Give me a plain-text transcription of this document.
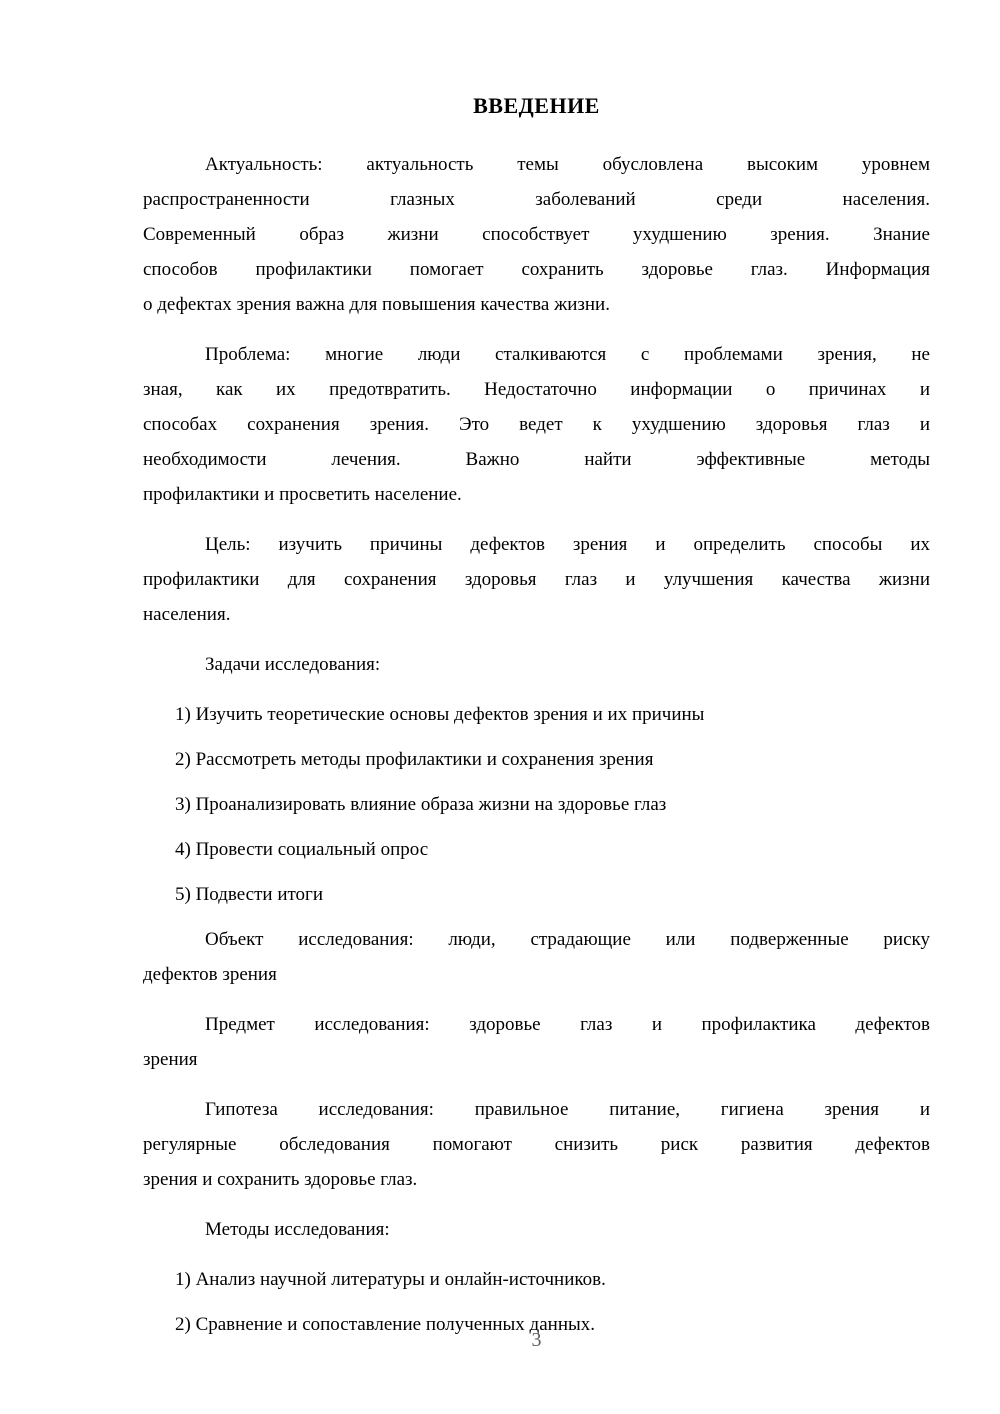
ВВЕДЕНИЕ
Актуальность: актуальность темы обусловлена высоким уровнем
распространенности глазных заболеваний среди населения.
Современный образ жизни способствует ухудшению зрения. Знание
способов профилактики помогает сохранить здоровье глаз. Информация
о дефектах зрения важна для повышения качества жизни.
Проблема: многие люди сталкиваются с проблемами зрения, не
зная, как их предотвратить. Недостаточно информации о причинах и
способах сохранения зрения. Это ведет к ухудшению здоровья глаз и
необходимости лечения. Важно найти эффективные методы
профилактики и просветить население.
Цель: изучить причины дефектов зрения и определить способы их
профилактики для сохранения здоровья глаз и улучшения качества жизни
населения.
Задачи исследования:
1) Изучить теоретические основы дефектов зрения и их причины
2) Рассмотреть методы профилактики и сохранения зрения
3) Проанализировать влияние образа жизни на здоровье глаз
4) Провести социальный опрос
5) Подвести итоги
Объект исследования: люди, страдающие или подверженные риску
дефектов зрения
Предмет исследования: здоровье глаз и профилактика дефектов
зрения
Гипотеза исследования: правильное питание, гигиена зрения и
регулярные обследования помогают снизить риск развития дефектов
зрения и сохранить здоровье глаз.
Методы исследования:
1) Анализ научной литературы и онлайн-источников.
2) Сравнение и сопоставление полученных данных.
3
